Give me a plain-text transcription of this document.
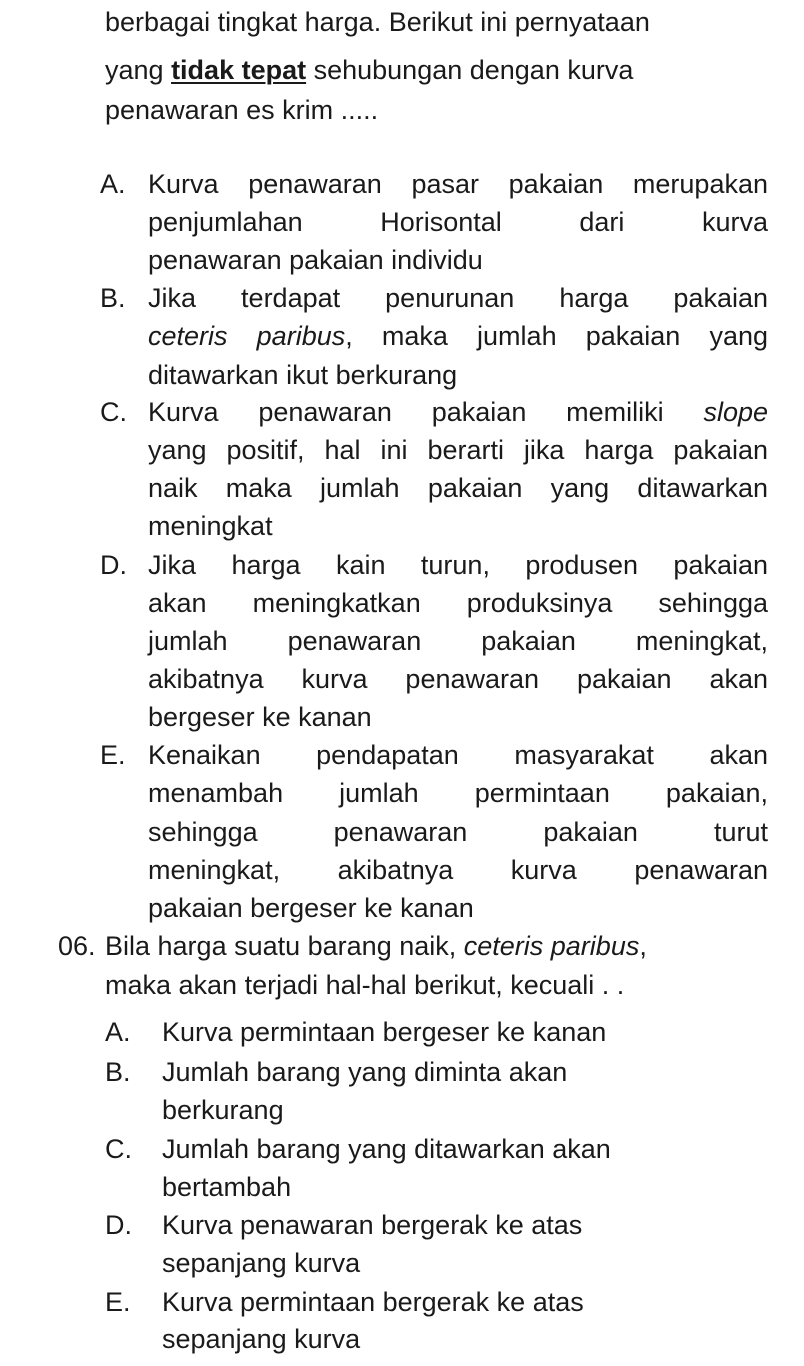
berbagai tingkat harga. Berikut ini pernyataan
yang tidak tepat sehubungan dengan kurva
penawaran es krim .....
A. Kurva penawaran pasar pakaian merupakan
penjumlahan Horisontal dari kurva
penawaran pakaian individu
B. Jika terdapat penurunan harga pakaian
ceteris paribus, maka jumlah pakaian yang
ditawarkan ikut berkurang
C. Kurva penawaran pakaian memiliki slope
yang positif, hal ini berarti jika harga pakaian
naik maka jumlah pakaian yang ditawarkan
meningkat
D. Jika harga kain turun, produsen pakaian
akan meningkatkan produksinya sehingga
jumlah penawaran pakaian meningkat,
akibatnya kurva penawaran pakaian akan
bergeser ke kanan
E. Kenaikan pendapatan masyarakat akan
menambah jumlah permintaan pakaian,
sehingga penawaran pakaian turut
meningkat, akibatnya kurva penawaran
pakaian bergeser ke kanan
06. Bila harga suatu barang naik, ceteris paribus,
maka akan terjadi hal-hal berikut, kecuali . .
A. Kurva permintaan bergeser ke kanan
B. Jumlah barang yang diminta akan
berkurang
C. Jumlah barang yang ditawarkan akan
bertambah
D. Kurva penawaran bergerak ke atas
sepanjang kurva
E. Kurva permintaan bergerak ke atas
sepanjang kurva
